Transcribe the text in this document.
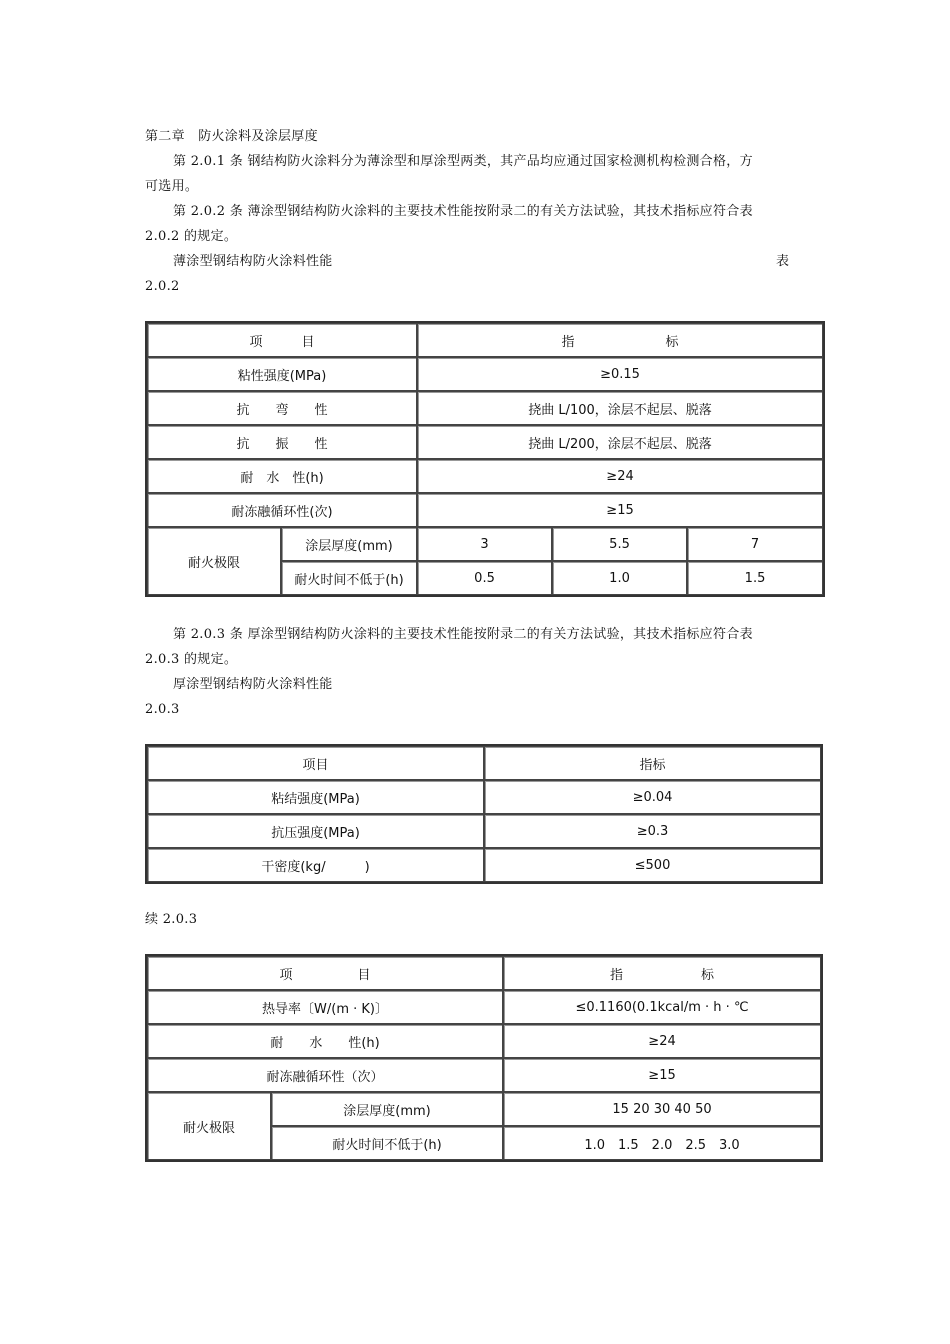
第二章　防火涂料及涂层厚度
第 2.0.1 条 钢结构防火涂料分为薄涂型和厚涂型两类，其产品均应通过国家检测机构检测合格，方
可选用。
第 2.0.2 条 薄涂型钢结构防火涂料的主要技术性能按附录二的有关方法试验，其技术指标应符合表
2.0.2 的规定。
薄涂型钢结构防火涂料性能	表
2.0.2
项　　　目		指　　　　　　　标		
粘性强度(MPa)		≥0.15		
抗　　弯　　性		挠曲 L/100，涂层不起层、脱落		
抗　　振　　性		挠曲 L/200，涂层不起层、脱落		
耐　水　性(h)		≥24		
耐冻融循环性(次)		≥15		
耐火极限	涂层厚度(mm)	3	5.5	7
	耐火时间不低于(h)	0.5	1.0	1.5
第 2.0.3 条 厚涂型钢结构防火涂料的主要技术性能按附录二的有关方法试验，其技术指标应符合表
2.0.3 的规定。
厚涂型钢结构防火涂料性能
2.0.3
项目	指标
粘结强度(MPa)	≥0.04
抗压强度(MPa)	≥0.3
干密度(kg/　　　)	≤500
续 2.0.3
项　　　　　目		指　　　　　　标
热导率〔W/(m · K)〕		≤0.1160(0.1kcal/m · h · ℃
耐　　水　　性(h)		≥24
耐冻融循环性（次）		≥15
耐火极限	涂层厚度(mm)	15 20 30 40 50
	耐火时间不低于(h)	1.0　1.5　2.0　2.5　3.0
